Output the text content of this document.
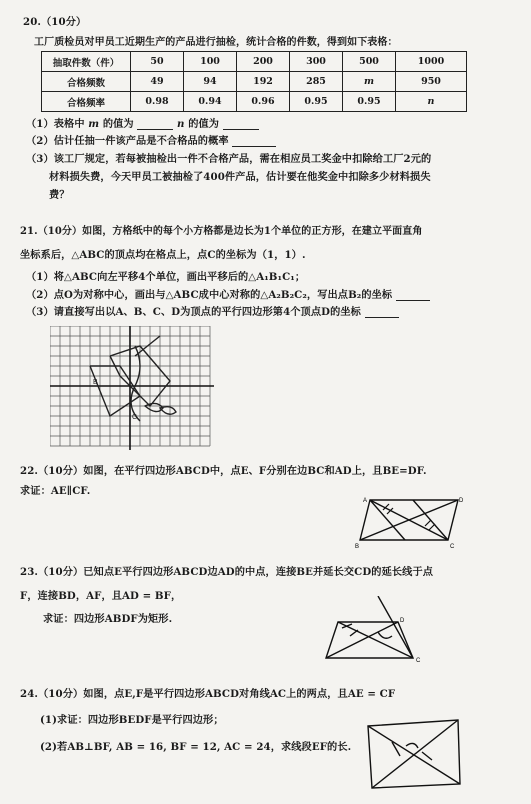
20.（10分）
工厂质检员对甲员工近期生产的产品进行抽检，统计合格的件数，得到如下表格：
抽取件数（件）	50	100	200	300	500	1000
合格频数	49	94	192	285	m	950
合格频率	0.98	0.94	0.96	0.95	0.95	n
（1）表格中 m 的值为	n 的值为
（2）估计任抽一件该产品是不合格品的概率
（3）该工厂规定，若每被抽检出一件不合格产品，需在相应员工奖金中扣除给工厂2元的
材料损失费，今天甲员工被抽检了400件产品，估计要在他奖金中扣除多少材料损失
费？
21.（10分）如图，方格纸中的每个小方格都是边长为1个单位的正方形，在建立平面直角
坐标系后，△ABC的顶点均在格点上，点C的坐标为（1，1）.
（1）将△ABC向左平移4个单位，画出平移后的△A₁B₁C₁；
（2）点O为对称中心，画出与△ABC成中心对称的△A₂B₂C₂，写出点B₂的坐标
（3）请直接写出以A、B、C、D为顶点的平行四边形第4个顶点D的坐标
B
C
22.（10分）如图，在平行四边形ABCD中，点E、F分别在边BC和AD上，且BE=DF.
求证：AE∥CF.
A	D
B	C
23.（10分）已知点E平行四边形ABCD边AD的中点，连接BE并延长交CD的延长线于点
F，连接BD，AF，且AD = BF，
求证：四边形ABDF为矩形.	D
C
24.（10分）如图，点E,F是平行四边形ABCD对角线AC上的两点，且AE = CF
(1)求证：四边形BEDF是平行四边形；
(2)若AB⊥BF, AB = 16, BF = 12, AC = 24，求线段EF的长.
